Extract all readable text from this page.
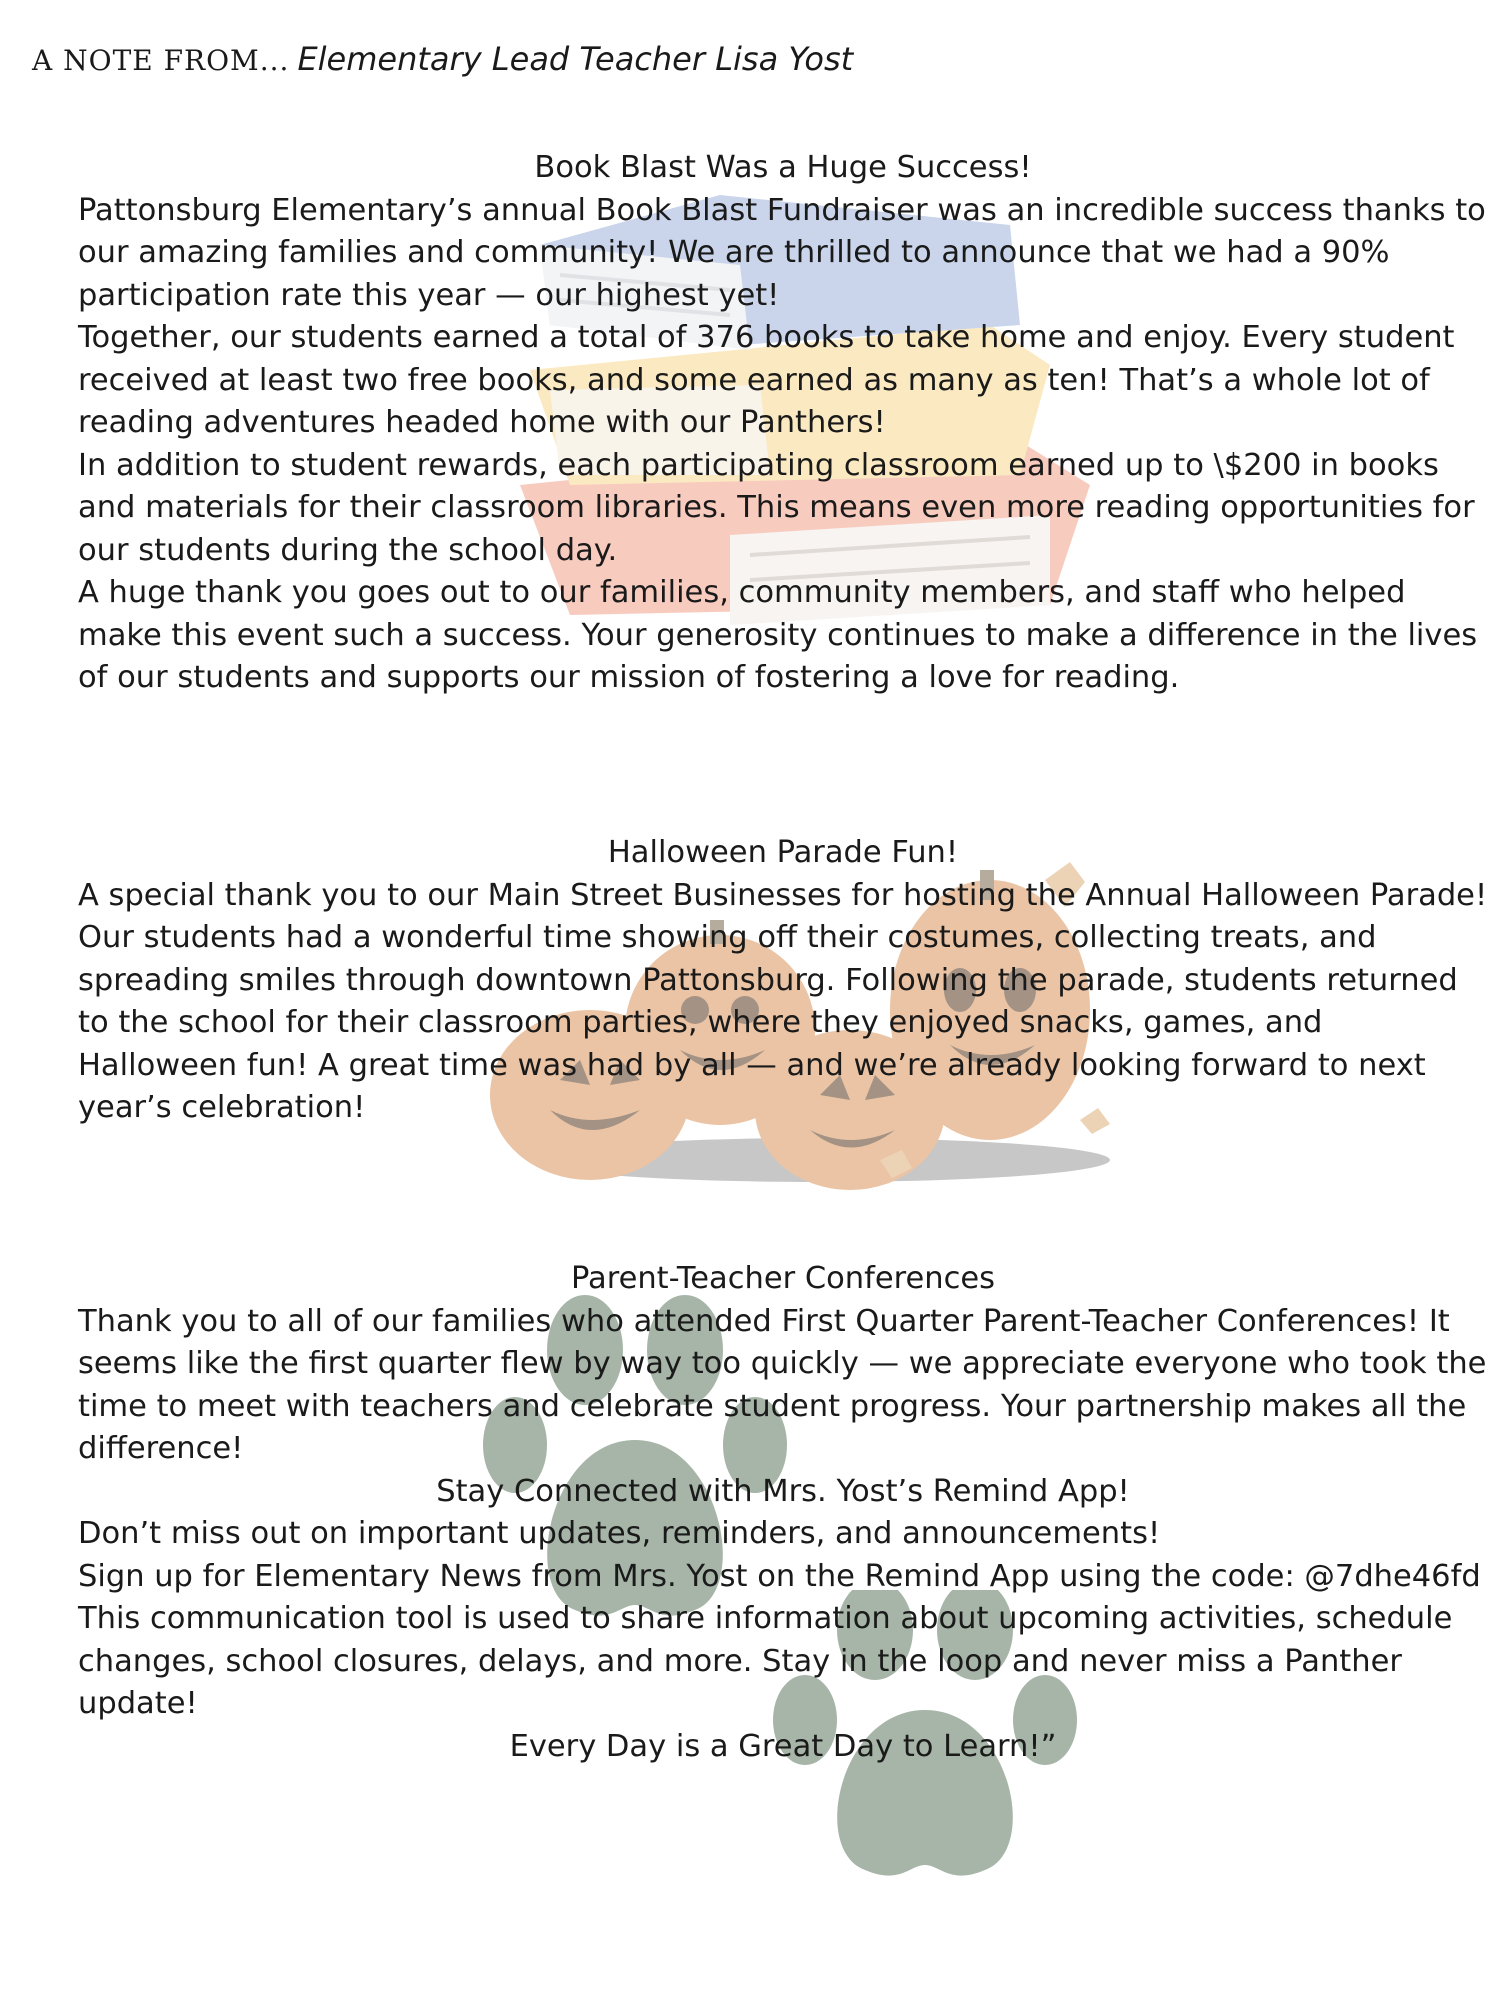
A NOTE FROM... Elementary Lead Teacher Lisa Yost

Book Blast Was a Huge Success!

Pattonsburg Elementary’s annual Book Blast Fundraiser was an incredible success thanks to our amazing families and community! We are thrilled to announce that we had a 90% participation rate this year — our highest yet!

Together, our students earned a total of 376 books to take home and enjoy. Every student received at least two free books, and some earned as many as ten! That’s a whole lot of reading adventures headed home with our Panthers!

In addition to student rewards, each participating classroom earned up to \$200 in books and materials for their classroom libraries. This means even more reading opportunities for our students during the school day.

A huge thank you goes out to our families, community members, and staff who helped make this event such a success. Your generosity continues to make a difference in the lives of our students and supports our mission of fostering a love for reading.

Halloween Parade Fun!

A special thank you to our Main Street Businesses for hosting the Annual Halloween Parade! Our students had a wonderful time showing off their costumes, collecting treats, and spreading smiles through downtown Pattonsburg. Following the parade, students returned to the school for their classroom parties, where they enjoyed snacks, games, and Halloween fun! A great time was had by all — and we’re already looking forward to next year’s celebration!

Parent-Teacher Conferences

Thank you to all of our families who attended First Quarter Parent-Teacher Conferences! It seems like the first quarter flew by way too quickly — we appreciate everyone who took the time to meet with teachers and celebrate student progress. Your partnership makes all the difference!

Stay Connected with Mrs. Yost’s Remind App!

Don’t miss out on important updates, reminders, and announcements!

Sign up for Elementary News from Mrs. Yost on the Remind App using the code: @7dhe46fd This communication tool is used to share information about upcoming activities, schedule changes, school closures, delays, and more. Stay in the loop and never miss a Panther update!

Every Day is a Great Day to Learn!”
